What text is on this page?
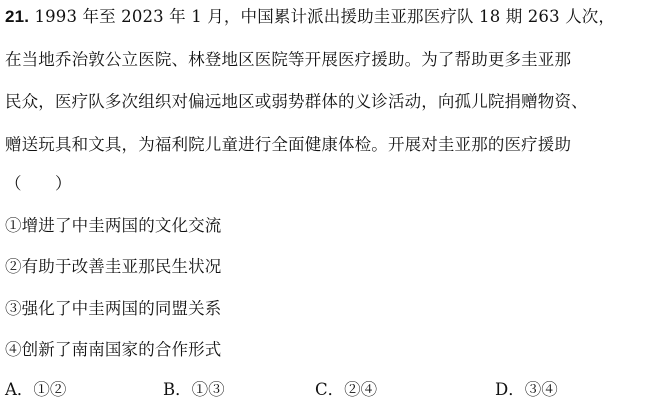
21. 1993 年至 2023 年 1 月，中国累计派出援助圭亚那医疗队 18 期 263 人次，
在当地乔治敦公立医院、林登地区医院等开展医疗援助。为了帮助更多圭亚那
民众，医疗队多次组织对偏远地区或弱势群体的义诊活动，向孤儿院捐赠物资、
赠送玩具和文具，为福利院儿童进行全面健康体检。开展对圭亚那的医疗援助
（　　）
①增进了中圭两国的文化交流
②有助于改善圭亚那民生状况
③强化了中圭两国的同盟关系
④创新了南南国家的合作形式
A．①②	B．①③	C．②④	D．③④
